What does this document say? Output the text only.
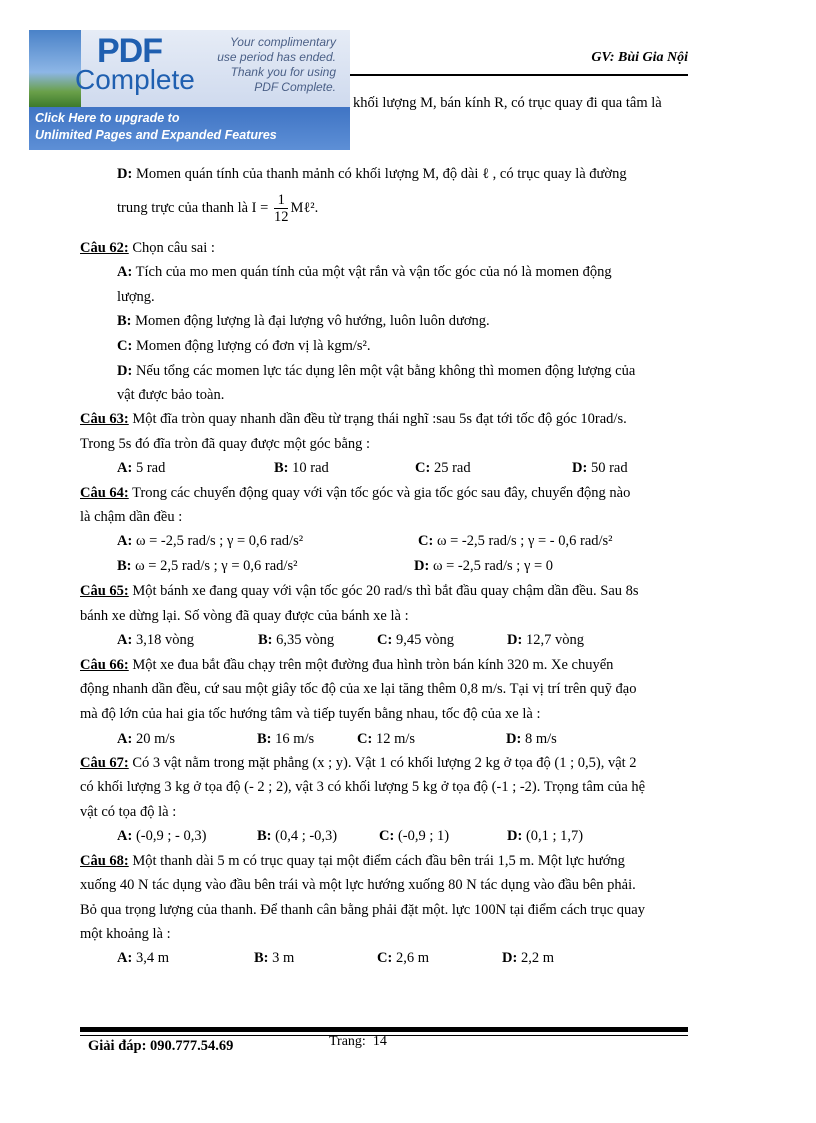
GV: Bùi Gia Nội
PDF
Complete
Your complimentary
use period has ended.
Thank you for using
PDF Complete.
Click Here to upgrade to
Unlimited Pages and Expanded Features
khối lượng M, bán kính R, có trục quay đi qua tâm là
D: Momen quán tính của thanh mảnh có khối lượng M, độ dài ℓ , có trục quay là đường
trung trực của thanh là $I = \frac{1}{12}$ Mℓ².
Câu 62: Chọn câu sai :
A: Tích của mo men quán tính của một vật rắn và vận tốc góc của nó là momen động
lượng.
B: Momen động lượng là đại lượng vô hướng, luôn luôn dương.
C: Momen động lượng có đơn vị là kgm/s².
D: Nếu tổng các momen lực tác dụng lên một vật bằng không thì momen động lượng của
vật được bảo toàn.
Câu 63: Một đĩa tròn quay nhanh dần đều từ trạng thái nghĩ :sau 5s đạt tới tốc độ góc 10rad/s.
Trong 5s đó đĩa tròn đã quay được một góc bằng :
A: 5 rad	B: 10 rad	C: 25 rad	D: 50 rad
Câu 64: Trong các chuyển động quay với vận tốc góc và gia tốc góc sau đây, chuyển động nào
là chậm dần đều :
A: ω = -2,5 rad/s ; γ = 0,6 rad/s²	C: ω = -2,5 rad/s ; γ = - 0,6 rad/s²
B: ω = 2,5 rad/s ; γ = 0,6 rad/s²	D: ω = -2,5 rad/s ; γ = 0
Câu 65: Một bánh xe đang quay với vận tốc góc 20 rad/s thì bắt đầu quay chậm dần đều. Sau 8s
bánh xe dừng lại. Số vòng đã quay được của bánh xe là :
A: 3,18 vòng	B: 6,35 vòng	C: 9,45 vòng	D: 12,7 vòng
Câu 66: Một xe đua bắt đầu chạy trên một đường đua hình tròn bán kính 320 m. Xe chuyển
động nhanh dần đều, cứ sau một giây tốc độ của xe lại tăng thêm 0,8 m/s. Tại vị trí trên quỹ đạo
mà độ lớn của hai gia tốc hướng tâm và tiếp tuyến bằng nhau, tốc độ của xe là :
A: 20 m/s	B: 16 m/s	C: 12 m/s	D: 8 m/s
Câu 67: Có 3 vật nằm trong mặt phẳng (x ; y). Vật 1 có khối lượng 2 kg ở tọa độ (1 ; 0,5), vật 2
có khối lượng 3 kg ở tọa độ (- 2 ; 2), vật 3 có khối lượng 5 kg ở tọa độ (-1 ; -2). Trọng tâm của hệ
vật có tọa độ là :
A: (-0,9 ; - 0,3)	B: (0,4 ; -0,3)	C: (-0,9 ; 1)	D: (0,1 ; 1,7)
Câu 68: Một thanh dài 5 m có trục quay tại một điểm cách đầu bên trái 1,5 m. Một lực hướng
xuống 40 N tác dụng vào đầu bên trái và một lực hướng xuống 80 N tác dụng vào đầu bên phải.
Bỏ qua trọng lượng của thanh. Để thanh cân bằng phải đặt một. lực 100N tại điểm cách trục quay
một khoảng là :
A: 3,4 m	B: 3 m	C: 2,6 m	D: 2,2 m
Giải đáp: 090.777.54.69	Trang: 14
